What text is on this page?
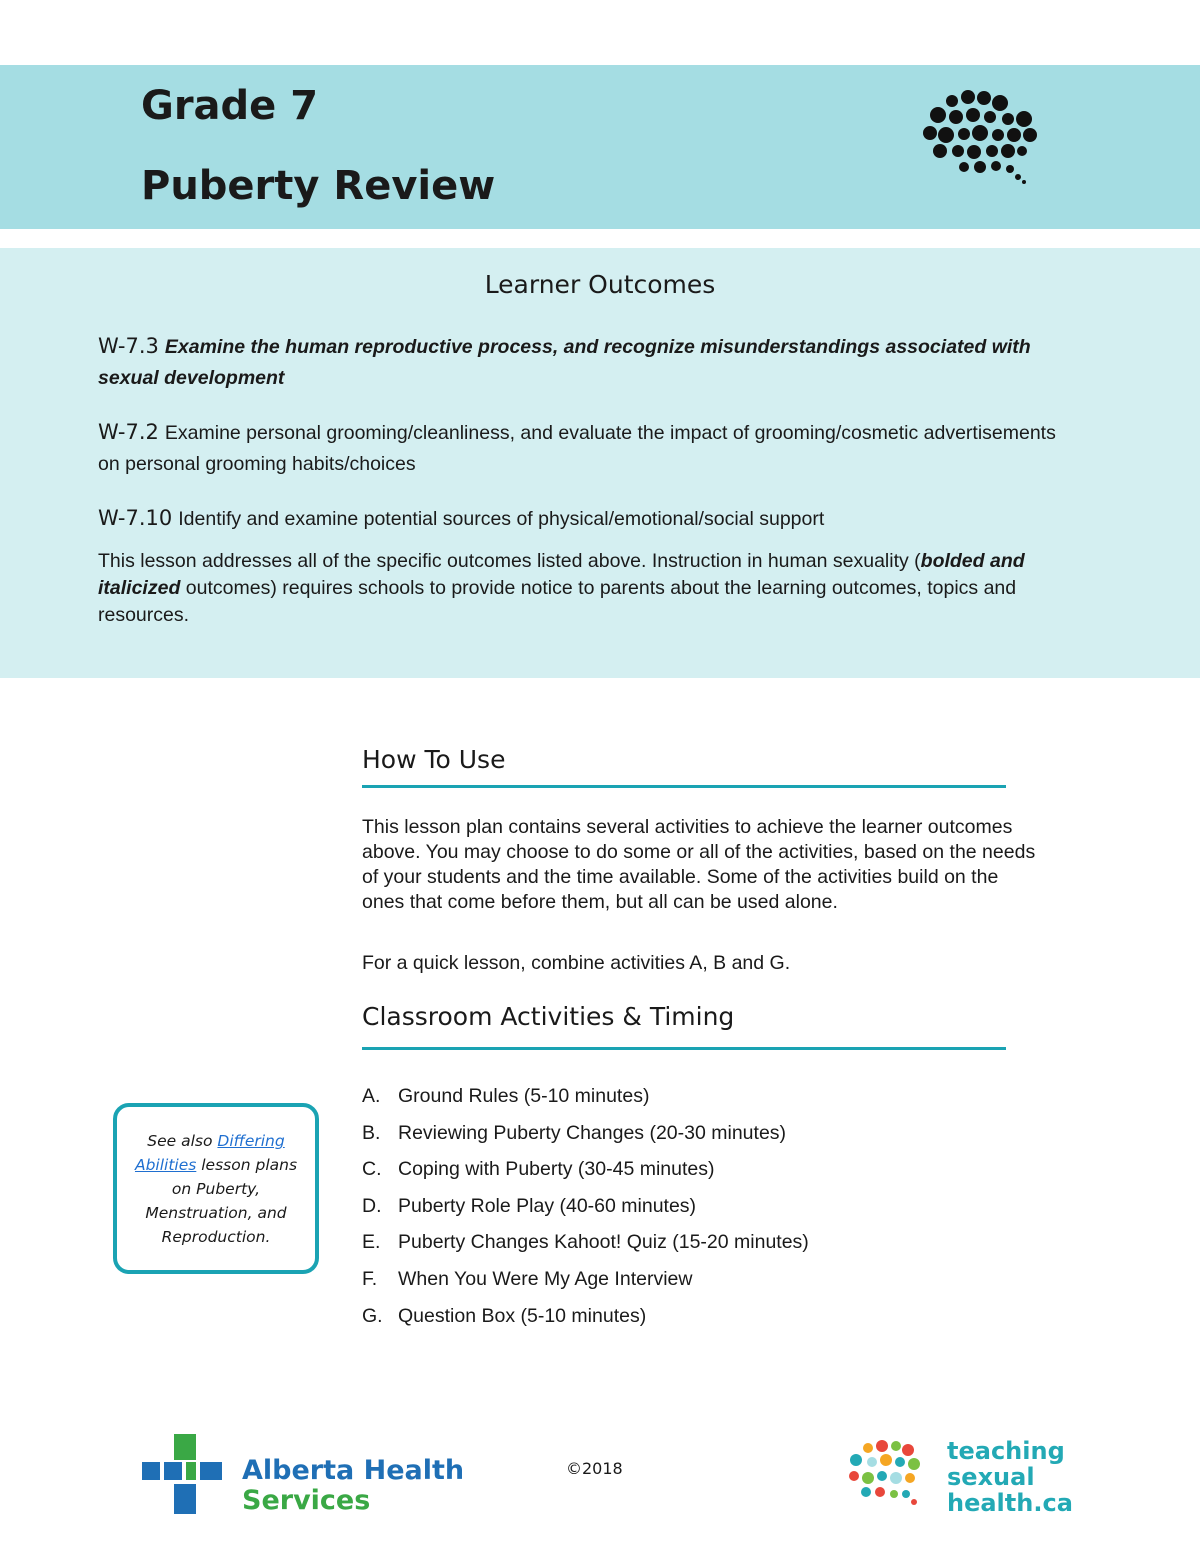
Grade 7
Puberty Review
Learner Outcomes
W-7.3 Examine the human reproductive process, and recognize misunderstandings associated with sexual development
W-7.2 Examine personal grooming/cleanliness, and evaluate the impact of grooming/cosmetic advertisements on personal grooming habits/choices
W-7.10 Identify and examine potential sources of physical/emotional/social support
This lesson addresses all of the specific outcomes listed above. Instruction in human sexuality (bolded and italicized outcomes) requires schools to provide notice to parents about the learning outcomes, topics and resources.
How To Use
This lesson plan contains several activities to achieve the learner outcomes above. You may choose to do some or all of the activities, based on the needs of your students and the time available. Some of the activities build on the ones that come before them, but all can be used alone.
For a quick lesson, combine activities A, B and G.
Classroom Activities & Timing
A. Ground Rules (5-10 minutes)
B. Reviewing Puberty Changes (20-30 minutes)
C. Coping with Puberty (30-45 minutes)
D. Puberty Role Play (40-60 minutes)
E. Puberty Changes Kahoot! Quiz (15-20 minutes)
F.	When You Were My Age Interview
G. Question Box (5-10 minutes)

See also Differing Abilities lesson plans on Puberty, Menstruation, and Reproduction.

Alberta Health
Services
©2018
teaching
sexual
health.ca
